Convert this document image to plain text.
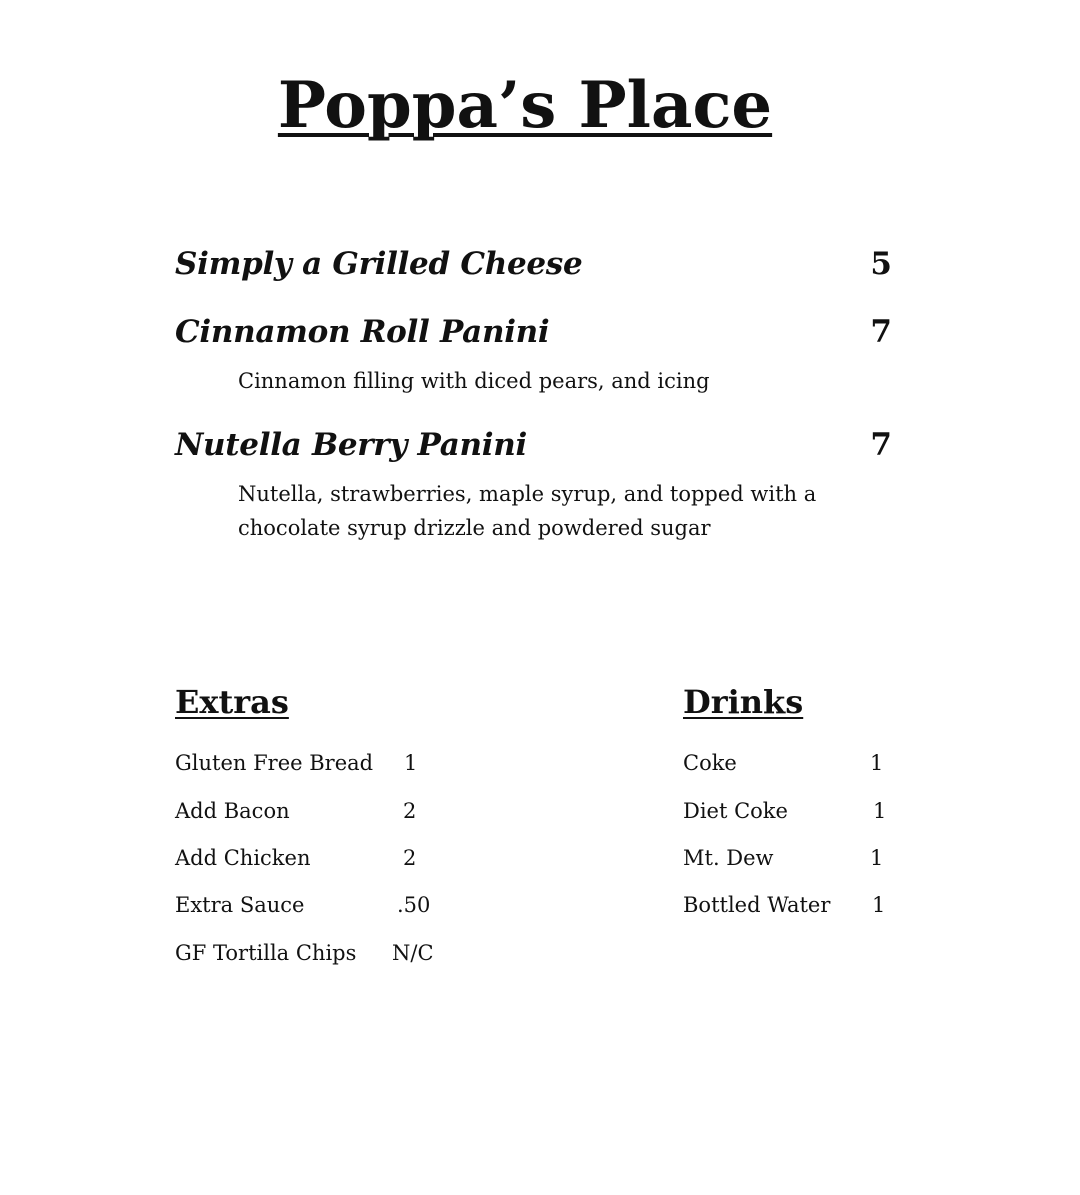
Poppa’s Place
Simply a Grilled Cheese	5
Cinnamon Roll Panini	7
Cinnamon filling with diced pears, and icing
Nutella Berry Panini	7
Nutella, strawberries, maple syrup, and topped with a
chocolate syrup drizzle and powdered sugar
Extras
Gluten Free Bread 1
Add Bacon	2
Add Chicken	2
Extra Sauce	.50
GF Tortilla Chips N/C
Drinks
Coke	1
Diet Coke	1
Mt. Dew	1
Bottled Water 1
